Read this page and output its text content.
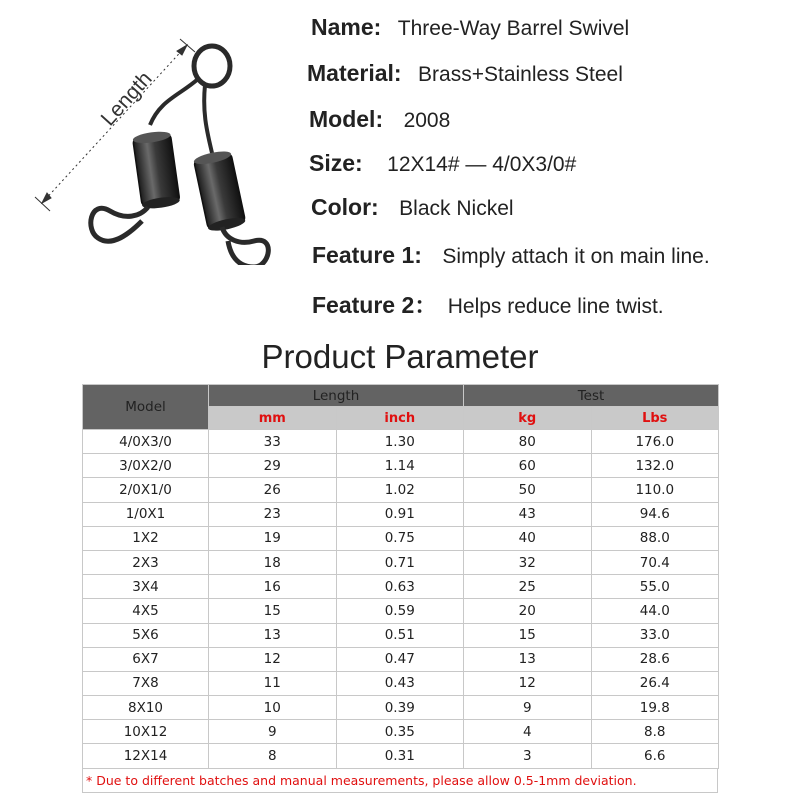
Length
Name: Three-Way Barrel Swivel
Material: Brass+Stainless Steel
Model: 2008
Size: 12X14# — 4/0X3/0#
Color: Black Nickel
Feature 1: Simply attach it on main line.
Feature 2： Helps reduce line twist.
Product Parameter
Model	Length		Test	
	mm	inch	kg	Lbs
4/0X3/0	33	1.30	80	176.0
3/0X2/0	29	1.14	60	132.0
2/0X1/0	26	1.02	50	110.0
1/0X1	23	0.91	43	94.6
1X2	19	0.75	40	88.0
2X3	18	0.71	32	70.4
3X4	16	0.63	25	55.0
4X5	15	0.59	20	44.0
5X6	13	0.51	15	33.0
6X7	12	0.47	13	28.6
7X8	11	0.43	12	26.4
8X10	10	0.39	9	19.8
10X12	9	0.35	4	8.8
12X14	8	0.31	3	6.6
* Due to different batches and manual measurements, please allow 0.5-1mm deviation.
